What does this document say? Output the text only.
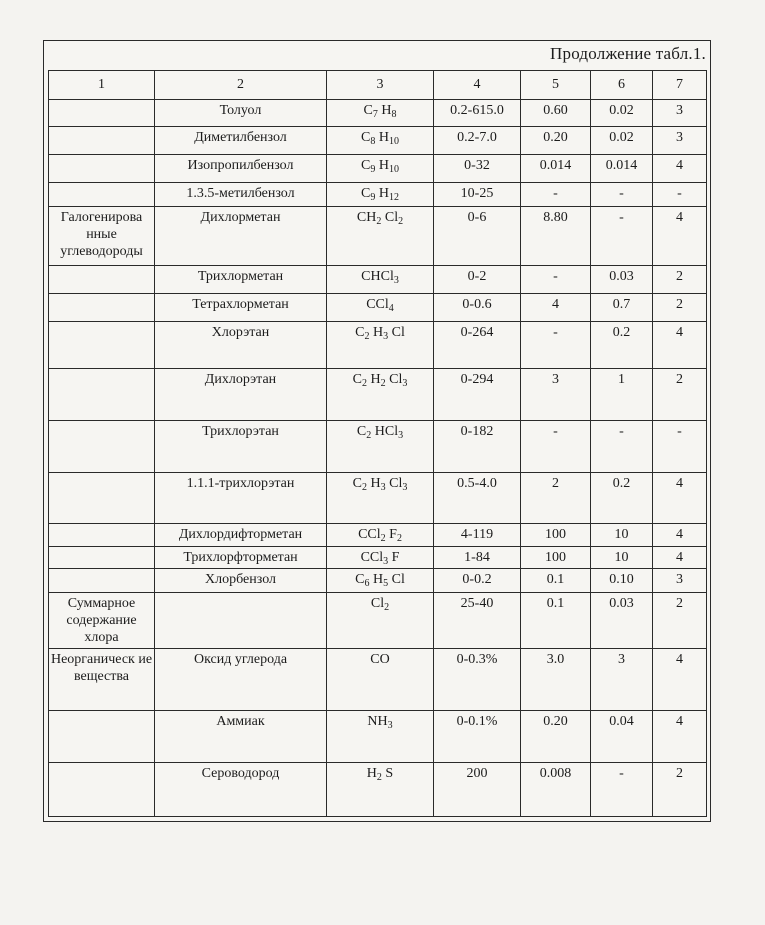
Продолжение табл.1.
1	2	3	4	5	6	7

	Толуол	$C_7$ $H_8$	0.2-615.0	0.60	0.02	3

	Диметилбензол	$C_8$ $H_{10}$	0.2-7.0	0.20	0.02	3

	Изопропилбензол	$C_9$ $H_{10}$	0-32	0.014	0.014	4

	1.3.5-метилбензол	$C_9$ $H_{12}$	10-25	-	-	-

Галогенирова нные углеводороды	Дихлорметан	$CH_2$ $Cl_2$	0-6	8.80	-	4

	Трихлорметан	CHCl$_3$	0-2	-	0.03	2

	Тетрахлорметан	CCl$_4$	0-0.6	4	0.7	2

	Хлорэтан	$C_2$ $H_3$ Cl	0-264	-	0.2	4

	Дихлорэтан	$C_2$ $H_2$ $Cl_3$	0-294	3	1	2

	Трихлорэтан	$C_2$ HCl$_3$	0-182	-	-	-

	1.1.1-трихлорэтан	$C_2$ $H_3$ $Cl_3$	0.5-4.0	2	0.2	4

	Дихлордифторметан	CCl$_2$ $F_2$	4-119	100	10	4

	Трихлорфторметан	CCl$_3$ F	1-84	100	10	4

	Хлорбензол	$C_6$ $H_5$ Cl	0-0.2	0.1	0.10	3

Суммарное содержание хлора		$Cl_2$	25-40	0.1	0.03	2

Неорганическ ие вещества	Оксид углерода	CO	0-0.3%	3.0	3	4

	Аммиак	$NH_3$	0-0.1%	0.20	0.04	4

	Сероводород	$H_2$ S	200	0.008	-	2
